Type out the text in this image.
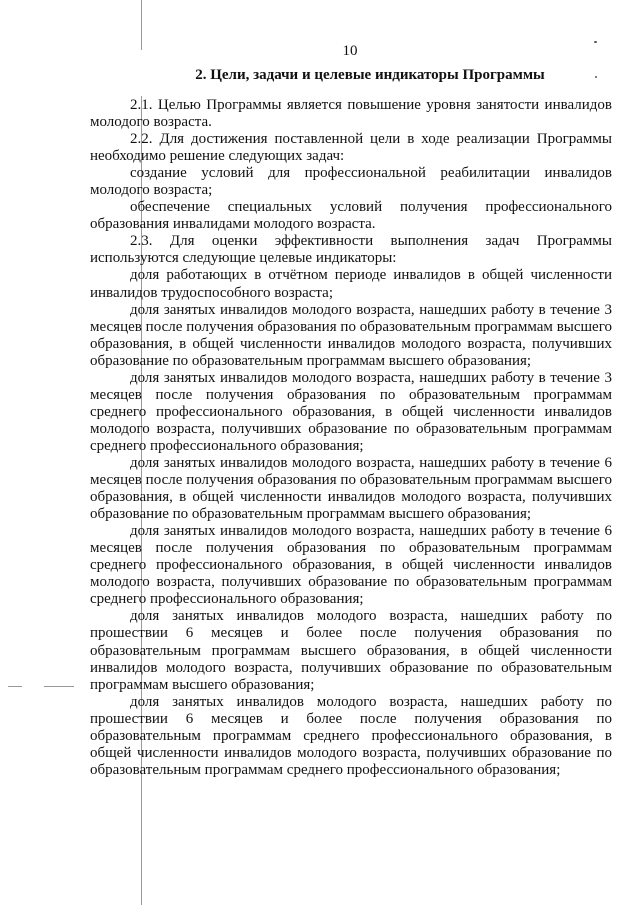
10
2. Цели, задачи и целевые индикаторы Программы

2.1. Целью Программы является повышение уровня занятости инвалидов молодого возраста.

2.2. Для достижения поставленной цели в ходе реализации Программы необходимо решение следующих задач:

создание условий для профессиональной реабилитации инвалидов молодого возраста;

обеспечение специальных условий получения профессионального образования инвалидами молодого возраста.

2.3. Для оценки эффективности выполнения задач Программы используются следующие целевые индикаторы:

доля работающих в отчётном периоде инвалидов в общей численности инвалидов трудоспособного возраста;

доля занятых инвалидов молодого возраста, нашедших работу в течение 3 месяцев после получения образования по образовательным программам высшего образования, в общей численности инвалидов молодого возраста, получивших образование по образовательным программам высшего образования;

доля занятых инвалидов молодого возраста, нашедших работу в течение 3 месяцев после получения образования по образовательным программам среднего профессионального образования, в общей численности инвалидов молодого возраста, получивших образование по образовательным программам среднего профессионального образования;

доля занятых инвалидов молодого возраста, нашедших работу в течение 6 месяцев после получения образования по образовательным программам высшего образования, в общей численности инвалидов молодого возраста, получивших образование по образовательным программам высшего образования;

доля занятых инвалидов молодого возраста, нашедших работу в течение 6 месяцев после получения образования по образовательным программам среднего профессионального образования, в общей численности инвалидов молодого возраста, получивших образование по образовательным программам среднего профессионального образования;

доля занятых инвалидов молодого возраста, нашедших работу по прошествии 6 месяцев и более после получения образования по образовательным программам высшего образования, в общей численности инвалидов молодого возраста, получивших образование по образовательным программам высшего образования;

доля занятых инвалидов молодого возраста, нашедших работу по прошествии 6 месяцев и более после получения образования по образовательным программам среднего профессионального образования, в общей численности инвалидов молодого возраста, получивших образование по образовательным программам среднего профессионального образования;
